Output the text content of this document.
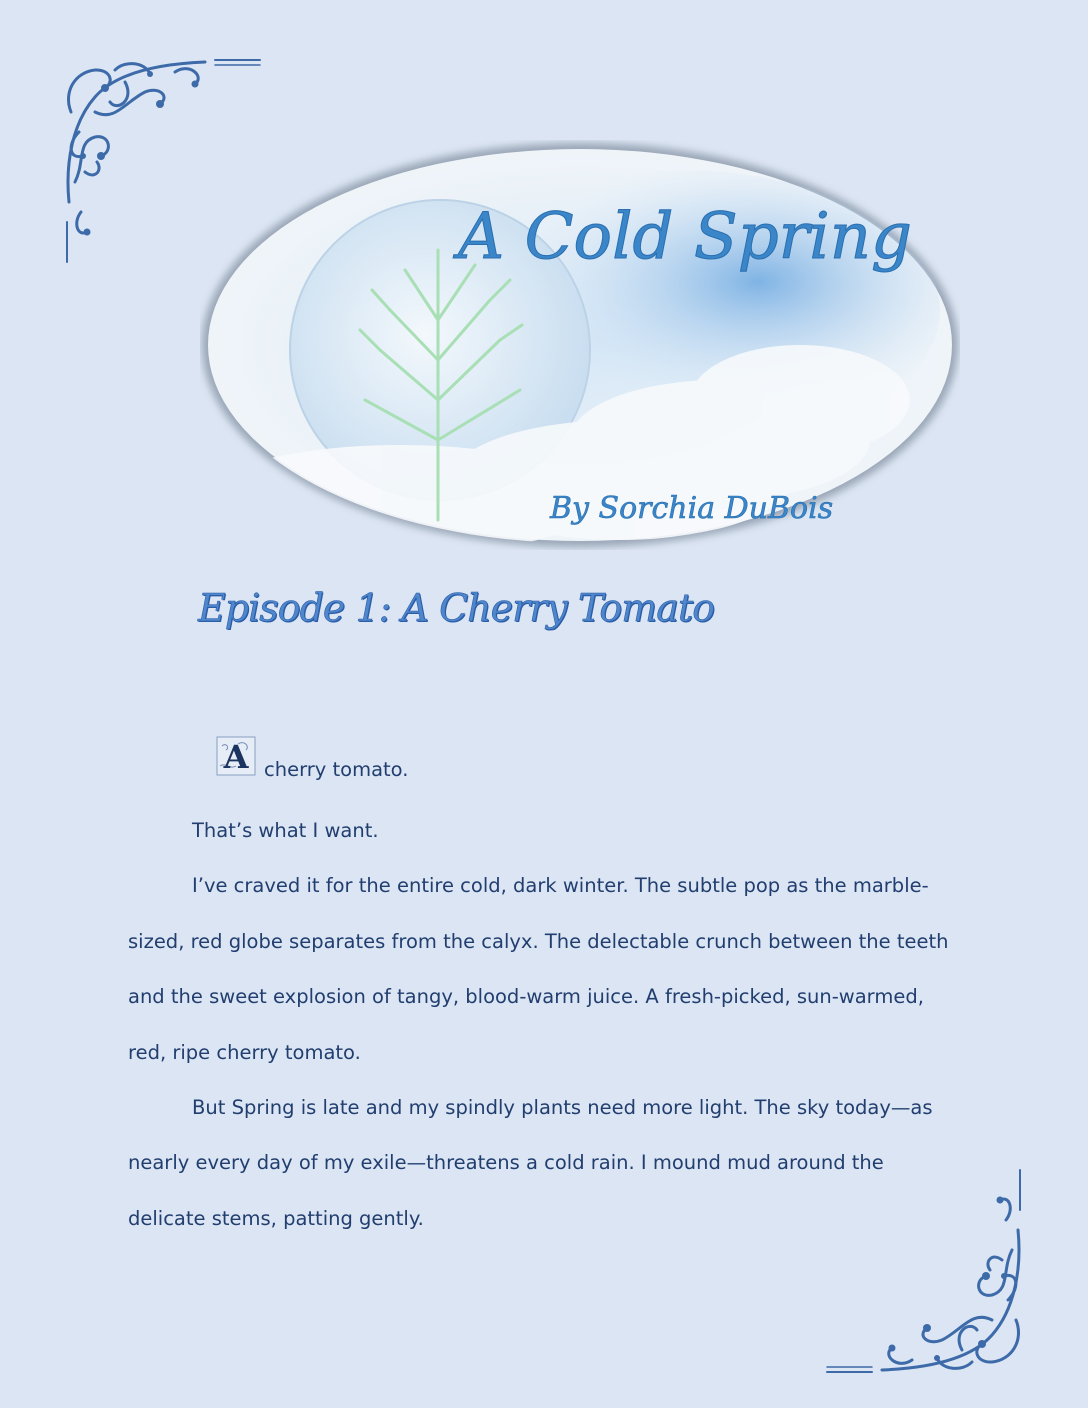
A Cold Spring
By Sorchia DuBois
Episode 1: A Cherry Tomato
A cherry tomato.

That’s what I want.

I’ve craved it for the entire cold, dark winter. The subtle pop as the marble-

sized, red globe separates from the calyx. The delectable crunch between the teeth

and the sweet explosion of tangy, blood-warm juice. A fresh-picked, sun-warmed,

red, ripe cherry tomato.

But Spring is late and my spindly plants need more light. The sky today—as

nearly every day of my exile—threatens a cold rain. I mound mud around the

delicate stems, patting gently.
